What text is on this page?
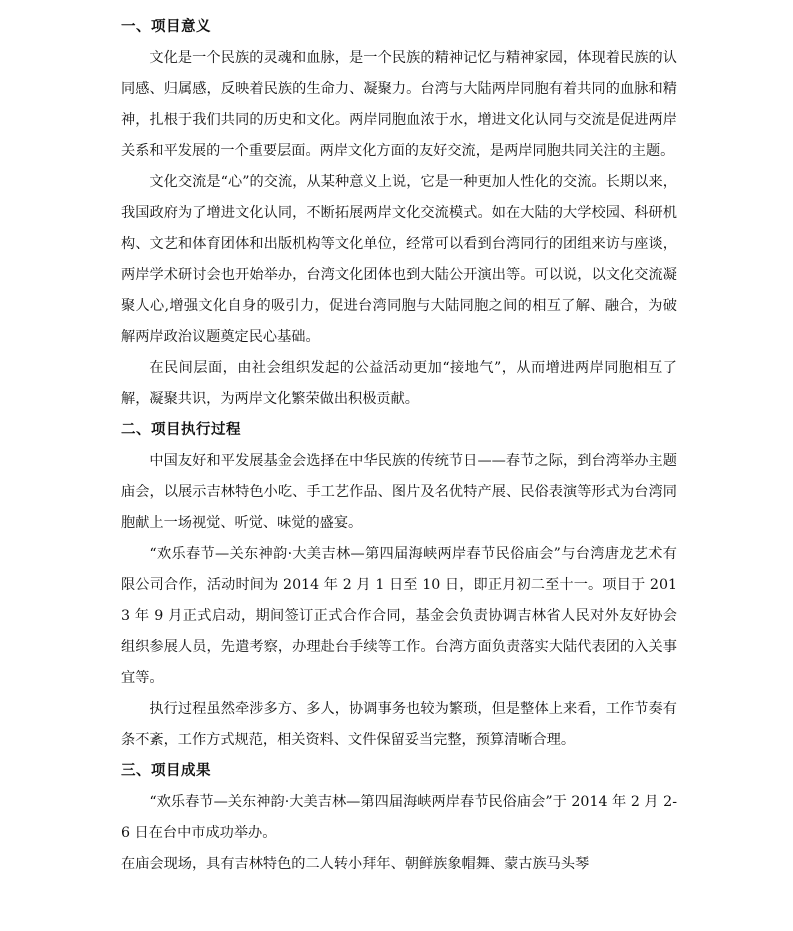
一、项目意义

文化是一个民族的灵魂和血脉，是一个民族的精神记忆与精神家园，体现着民族的认同感、归属感，反映着民族的生命力、凝聚力。台湾与大陆两岸同胞有着共同的血脉和精神，扎根于我们共同的历史和文化。两岸同胞血浓于水，增进文化认同与交流是促进两岸关系和平发展的一个重要层面。两岸文化方面的友好交流，是两岸同胞共同关注的主题。

文化交流是“心”的交流，从某种意义上说，它是一种更加人性化的交流。长期以来，我国政府为了增进文化认同，不断拓展两岸文化交流模式。如在大陆的大学校园、科研机构、文艺和体育团体和出版机构等文化单位，经常可以看到台湾同行的团组来访与座谈，两岸学术研讨会也开始举办，台湾文化团体也到大陆公开演出等。可以说，以文化交流凝聚人心,增强文化自身的吸引力，促进台湾同胞与大陆同胞之间的相互了解、融合，为破解两岸政治议题奠定民心基础。

在民间层面，由社会组织发起的公益活动更加“接地气”，从而增进两岸同胞相互了解，凝聚共识，为两岸文化繁荣做出积极贡献。

二、项目执行过程

中国友好和平发展基金会选择在中华民族的传统节日——春节之际，到台湾举办主题庙会，以展示吉林特色小吃、手工艺作品、图片及名优特产展、民俗表演等形式为台湾同胞献上一场视觉、听觉、味觉的盛宴。

“欢乐春节—关东神韵·大美吉林—第四届海峡两岸春节民俗庙会”与台湾唐龙艺术有限公司合作，活动时间为 2014 年 2 月 1 日至 10 日，即正月初二至十一。项目于 2013 年 9 月正式启动，期间签订正式合作合同，基金会负责协调吉林省人民对外友好协会组织参展人员，先遣考察，办理赴台手续等工作。台湾方面负责落实大陆代表团的入关事宜等。

执行过程虽然牵涉多方、多人，协调事务也较为繁琐，但是整体上来看，工作节奏有条不紊，工作方式规范，相关资料、文件保留妥当完整，预算清晰合理。

三、项目成果

“欢乐春节—关东神韵·大美吉林—第四届海峡两岸春节民俗庙会”于 2014 年 2 月 2-6 日在台中市成功举办。

在庙会现场，具有吉林特色的二人转小拜年、朝鲜族象帽舞、蒙古族马头琴
